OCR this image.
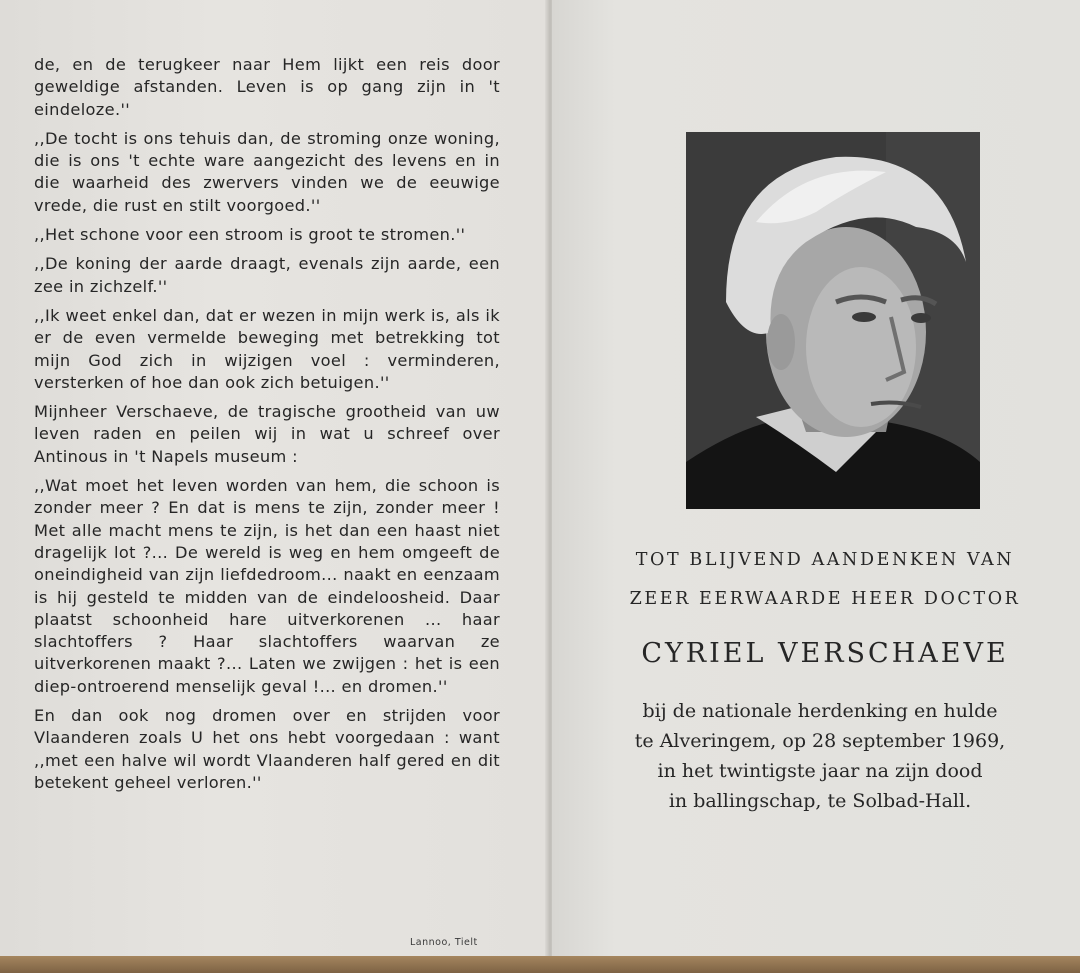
de, en de terugkeer naar Hem lijkt een reis door geweldige afstanden. Leven is op gang zijn in 't eindeloze.''

,,De tocht is ons tehuis dan, de stroming onze woning, die is ons 't echte ware aangezicht des levens en in die waarheid des zwervers vinden we de eeuwige vrede, die rust en stilt voorgoed.''

,,Het schone voor een stroom is groot te stromen.''

,,De koning der aarde draagt, evenals zijn aarde, een zee in zichzelf.''

,,Ik weet enkel dan, dat er wezen in mijn werk is, als ik er de even vermelde beweging met betrekking tot mijn God zich in wijzigen voel : verminderen, versterken of hoe dan ook zich betuigen.''

Mijnheer Verschaeve, de tragische grootheid van uw leven raden en peilen wij in wat u schreef over Antinous in 't Napels museum :

,,Wat moet het leven worden van hem, die schoon is zonder meer ? En dat is mens te zijn, zonder meer ! Met alle macht mens te zijn, is het dan een haast niet dragelijk lot ?... De wereld is weg en hem omgeeft de oneindigheid van zijn liefdedroom... naakt en eenzaam is hij gesteld te midden van de eindeloosheid. Daar plaatst schoonheid hare uitverkorenen ... haar slachtoffers ? Haar slachtoffers waarvan ze uitverkorenen maakt ?... Laten we zwijgen : het is een diep-ontroerend menselijk geval !... en dromen.''

En dan ook nog dromen over en strijden voor Vlaanderen zoals U het ons hebt voorgedaan : want ,,met een halve wil wordt Vlaanderen half gered en dit betekent geheel verloren.''

Lannoo, Tielt
TOT BLIJVEND AANDENKEN VAN
ZEER EERWAARDE HEER DOCTOR
CYRIEL VERSCHAEVE
bij de nationale herdenking en hulde
te Alveringem, op 28 september 1969,
in het twintigste jaar na zijn dood
in ballingschap, te Solbad-Hall.
